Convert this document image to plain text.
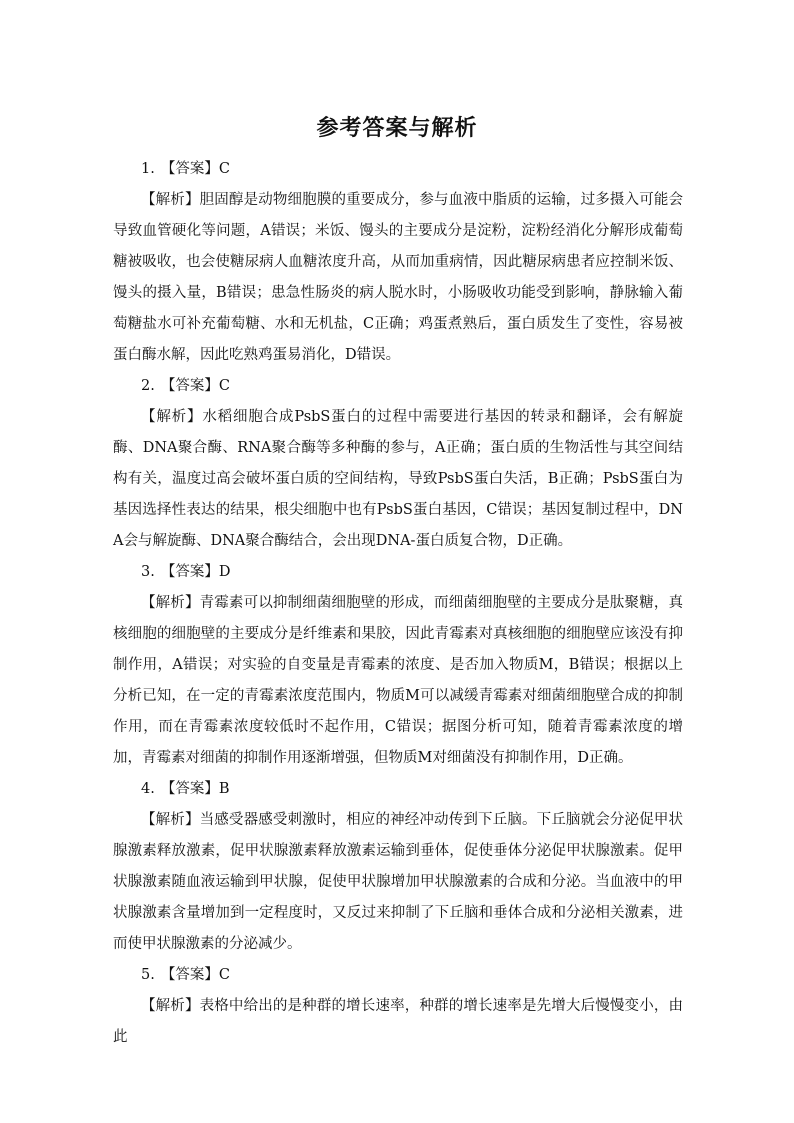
参考答案与解析

1. 【答案】C

【解析】胆固醇是动物细胞膜的重要成分，参与血液中脂质的运输，过多摄入可能会导致血管硬化等问题，A错误；米饭、馒头的主要成分是淀粉，淀粉经消化分解形成葡萄糖被吸收，也会使糖尿病人血糖浓度升高，从而加重病情，因此糖尿病患者应控制米饭、馒头的摄入量，B错误；患急性肠炎的病人脱水时，小肠吸收功能受到影响，静脉输入葡萄糖盐水可补充葡萄糖、水和无机盐，C正确；鸡蛋煮熟后，蛋白质发生了变性，容易被蛋白酶水解，因此吃熟鸡蛋易消化，D错误。

2. 【答案】C

【解析】水稻细胞合成PsbS蛋白的过程中需要进行基因的转录和翻译，会有解旋酶、DNA聚合酶、RNA聚合酶等多种酶的参与，A正确；蛋白质的生物活性与其空间结构有关，温度过高会破坏蛋白质的空间结构，导致PsbS蛋白失活，B正确；PsbS蛋白为基因选择性表达的结果，根尖细胞中也有PsbS蛋白基因，C错误；基因复制过程中，DNA会与解旋酶、DNA聚合酶结合，会出现DNA-蛋白质复合物，D正确。

3. 【答案】D

【解析】青霉素可以抑制细菌细胞壁的形成，而细菌细胞壁的主要成分是肽聚糖，真核细胞的细胞壁的主要成分是纤维素和果胶，因此青霉素对真核细胞的细胞壁应该没有抑制作用，A错误；对实验的自变量是青霉素的浓度、是否加入物质M，B错误；根据以上分析已知，在一定的青霉素浓度范围内，物质M可以减缓青霉素对细菌细胞壁合成的抑制作用，而在青霉素浓度较低时不起作用，C错误；据图分析可知，随着青霉素浓度的增加，青霉素对细菌的抑制作用逐渐增强，但物质M对细菌没有抑制作用，D正确。

4. 【答案】B

【解析】当感受器感受刺激时，相应的神经冲动传到下丘脑。下丘脑就会分泌促甲状腺激素释放激素，促甲状腺激素释放激素运输到垂体，促使垂体分泌促甲状腺激素。促甲状腺激素随血液运输到甲状腺，促使甲状腺增加甲状腺激素的合成和分泌。当血液中的甲状腺激素含量增加到一定程度时，又反过来抑制了下丘脑和垂体合成和分泌相关激素，进而使甲状腺激素的分泌减少。

5. 【答案】C

【解析】表格中给出的是种群的增长速率，种群的增长速率是先增大后慢慢变小，由此
